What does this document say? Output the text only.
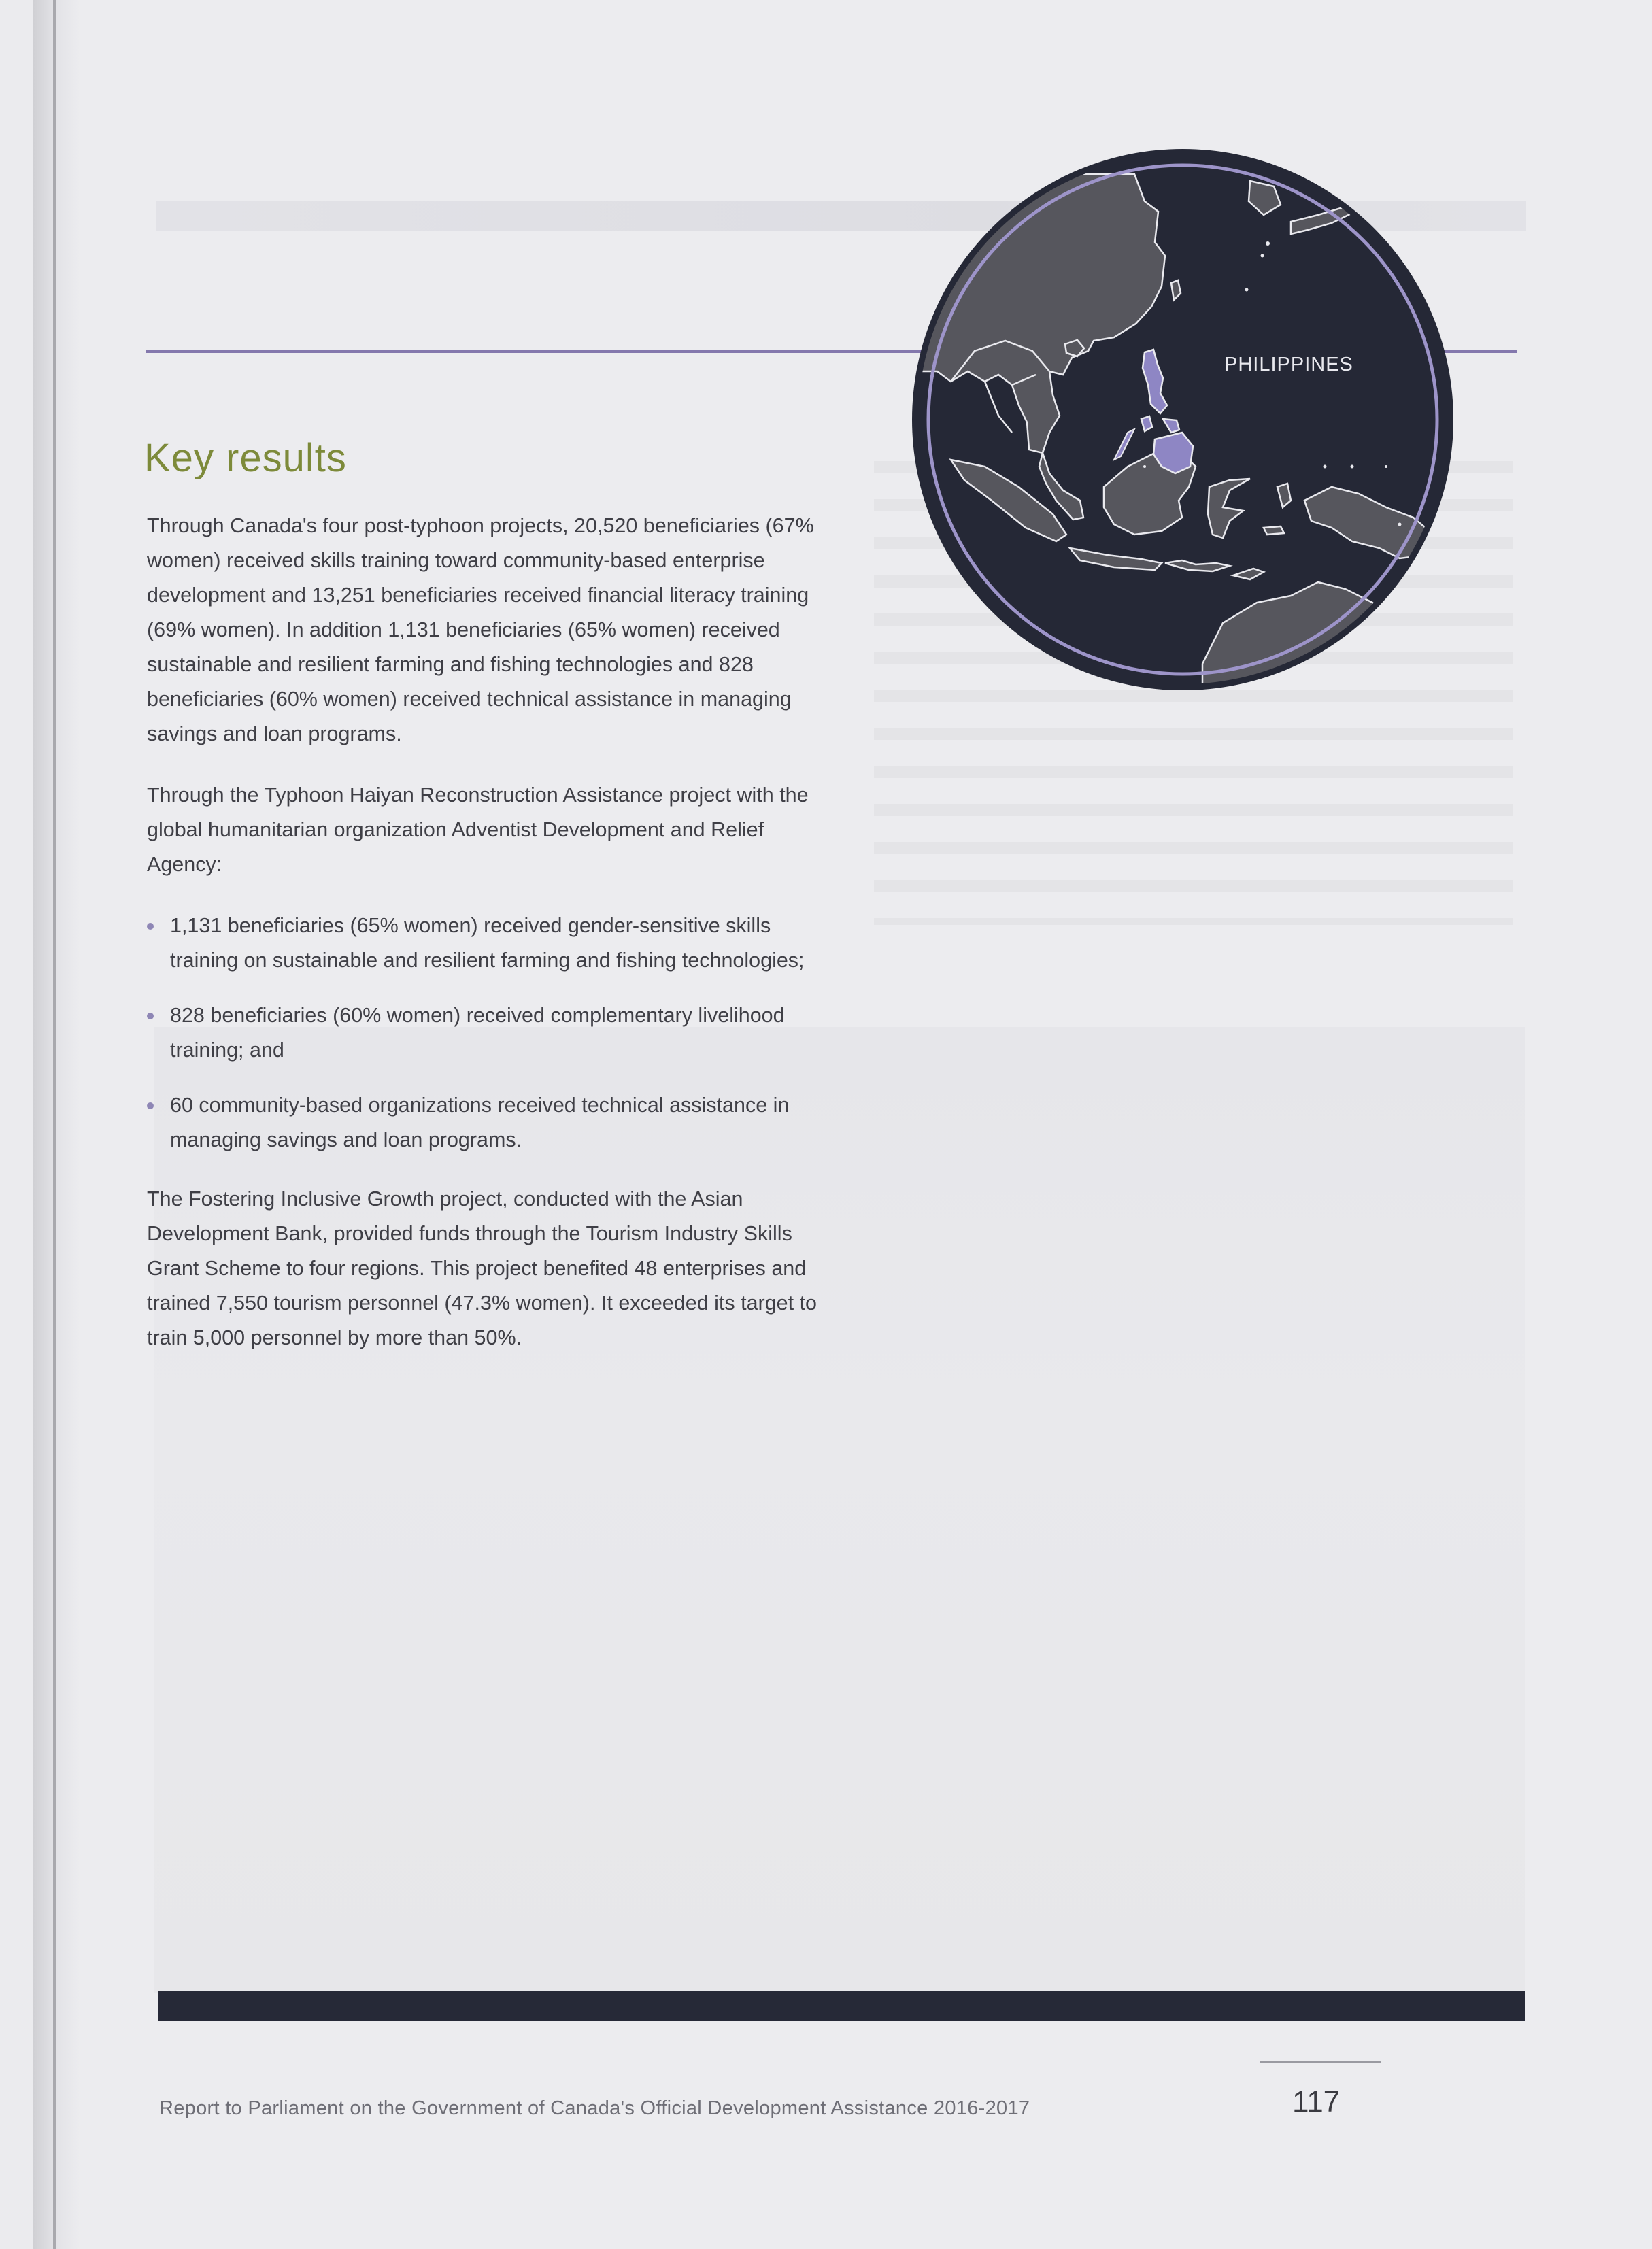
PHILIPPINES
Key results

Through Canada's four post-typhoon projects, 20,520 beneficiaries (67% women) received skills training toward community-based enterprise development and 13,251 beneficiaries received financial literacy training (69% women). In addition 1,131 beneficiaries (65% women) received sustainable and resilient farming and fishing technologies and 828 beneficiaries (60% women) received technical assistance in managing savings and loan programs.

Through the Typhoon Haiyan Reconstruction Assistance project with the global humanitarian organization Adventist Development and Relief Agency:

1,131 beneficiaries (65% women) received gender-sensitive skills training on sustainable and resilient farming and fishing technologies;
828 beneficiaries (60% women) received complementary livelihood training; and
60 community-based organizations received technical assistance in managing savings and loan programs.

The Fostering Inclusive Growth project, conducted with the Asian Development Bank, provided funds through the Tourism Industry Skills Grant Scheme to four regions. This project benefited 48 enterprises and trained 7,550 tourism personnel (47.3% women). It exceeded its target to train 5,000 personnel by more than 50%.

Report to Parliament on the Government of Canada's Official Development Assistance 2016-2017	117
